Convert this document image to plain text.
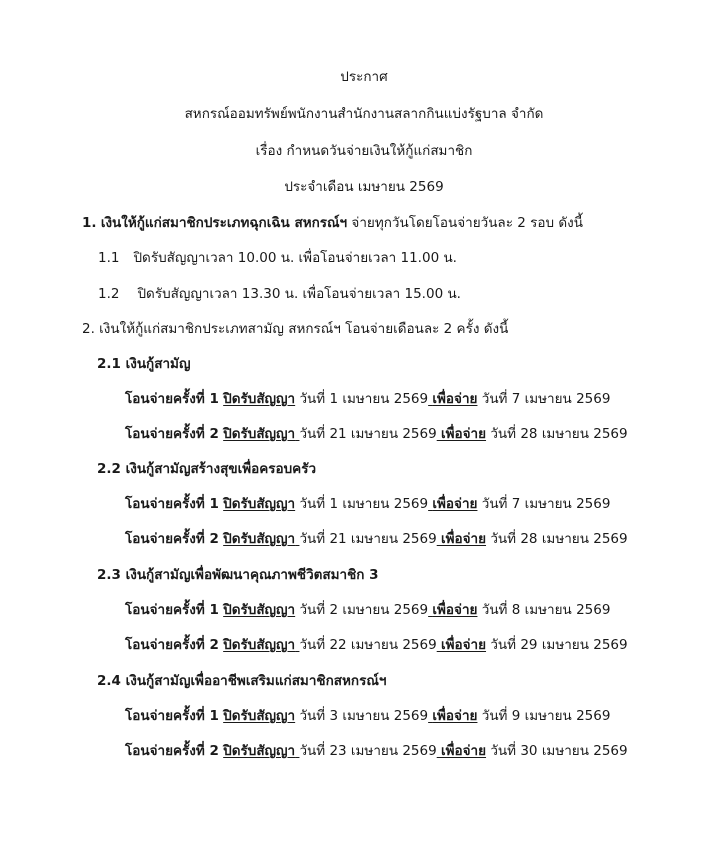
ประกาศ
สหกรณ์ออมทรัพย์พนักงานสำนักงานสลากกินแบ่งรัฐบาล จำกัด
เรื่อง กำหนดวันจ่ายเงินให้กู้แก่สมาชิก
ประจำเดือน เมษายน 2569
1. เงินให้กู้แก่สมาชิกประเภทฉุกเฉิน สหกรณ์ฯ จ่ายทุกวันโดยโอนจ่ายวันละ 2 รอบ ดังนี้
1.1 ปิดรับสัญญาเวลา 10.00 น. เพื่อโอนจ่ายเวลา 11.00 น.
1.2 ปิดรับสัญญาเวลา 13.30 น. เพื่อโอนจ่ายเวลา 15.00 น.
2. เงินให้กู้แก่สมาชิกประเภทสามัญ สหกรณ์ฯ โอนจ่ายเดือนละ 2 ครั้ง ดังนี้
2.1 เงินกู้สามัญ
โอนจ่ายครั้งที่ 1 ปิดรับสัญญา วันที่ 1 เมษายน 2569 เพื่อจ่าย วันที่ 7 เมษายน 2569
โอนจ่ายครั้งที่ 2 ปิดรับสัญญา วันที่ 21 เมษายน 2569 เพื่อจ่าย วันที่ 28 เมษายน 2569
2.2 เงินกู้สามัญสร้างสุขเพื่อครอบครัว
โอนจ่ายครั้งที่ 1 ปิดรับสัญญา วันที่ 1 เมษายน 2569 เพื่อจ่าย วันที่ 7 เมษายน 2569
โอนจ่ายครั้งที่ 2 ปิดรับสัญญา วันที่ 21 เมษายน 2569 เพื่อจ่าย วันที่ 28 เมษายน 2569
2.3 เงินกู้สามัญเพื่อพัฒนาคุณภาพชีวิตสมาชิก 3
โอนจ่ายครั้งที่ 1 ปิดรับสัญญา วันที่ 2 เมษายน 2569 เพื่อจ่าย วันที่ 8 เมษายน 2569
โอนจ่ายครั้งที่ 2 ปิดรับสัญญา วันที่ 22 เมษายน 2569 เพื่อจ่าย วันที่ 29 เมษายน 2569
2.4 เงินกู้สามัญเพื่ออาชีพเสริมแก่สมาชิกสหกรณ์ฯ
โอนจ่ายครั้งที่ 1 ปิดรับสัญญา วันที่ 3 เมษายน 2569 เพื่อจ่าย วันที่ 9 เมษายน 2569
โอนจ่ายครั้งที่ 2 ปิดรับสัญญา วันที่ 23 เมษายน 2569 เพื่อจ่าย วันที่ 30 เมษายน 2569
